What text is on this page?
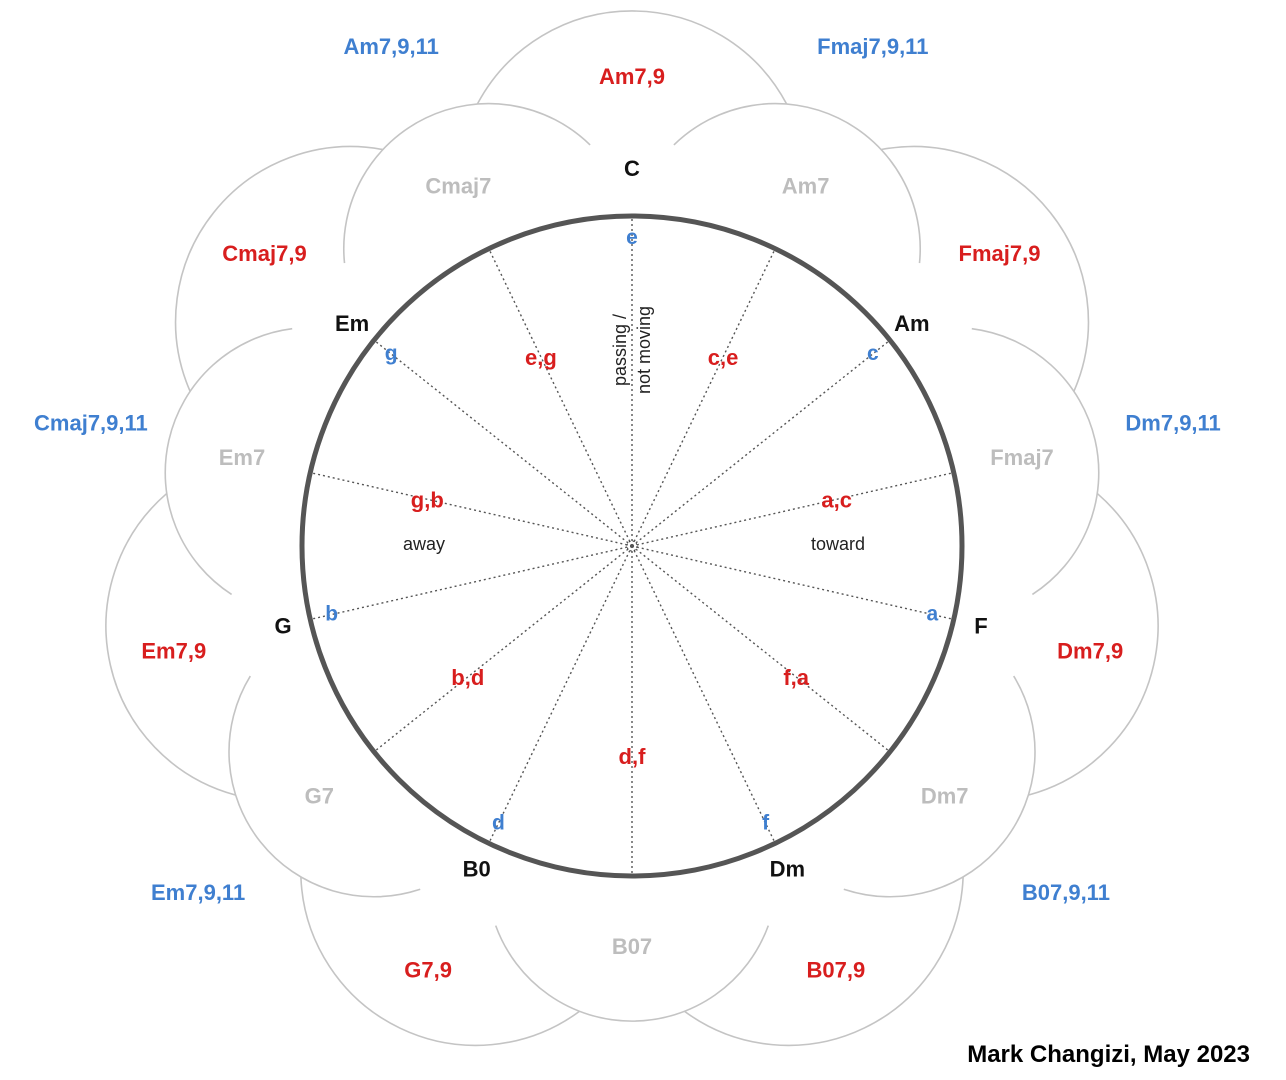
passing / not moving
away	toward
e
c
a
f
d
b
g	c,e
a,c
f,a
d,f
b,d
g,b
e,g
C
Am
F
Dm
B0
G
Em
Am7
Fmaj7
Dm7
B07
G7
Em7
Cmaj7
Am7,9
Fmaj7,9
Dm7,9
B07,9
G7,9
Em7,9
Cmaj7,9
Fmaj7,9,11
Dm7,9,11
B07,9,11
Em7,9,11
Cmaj7,9,11
Am7,9,11
Mark Changizi, May 2023
